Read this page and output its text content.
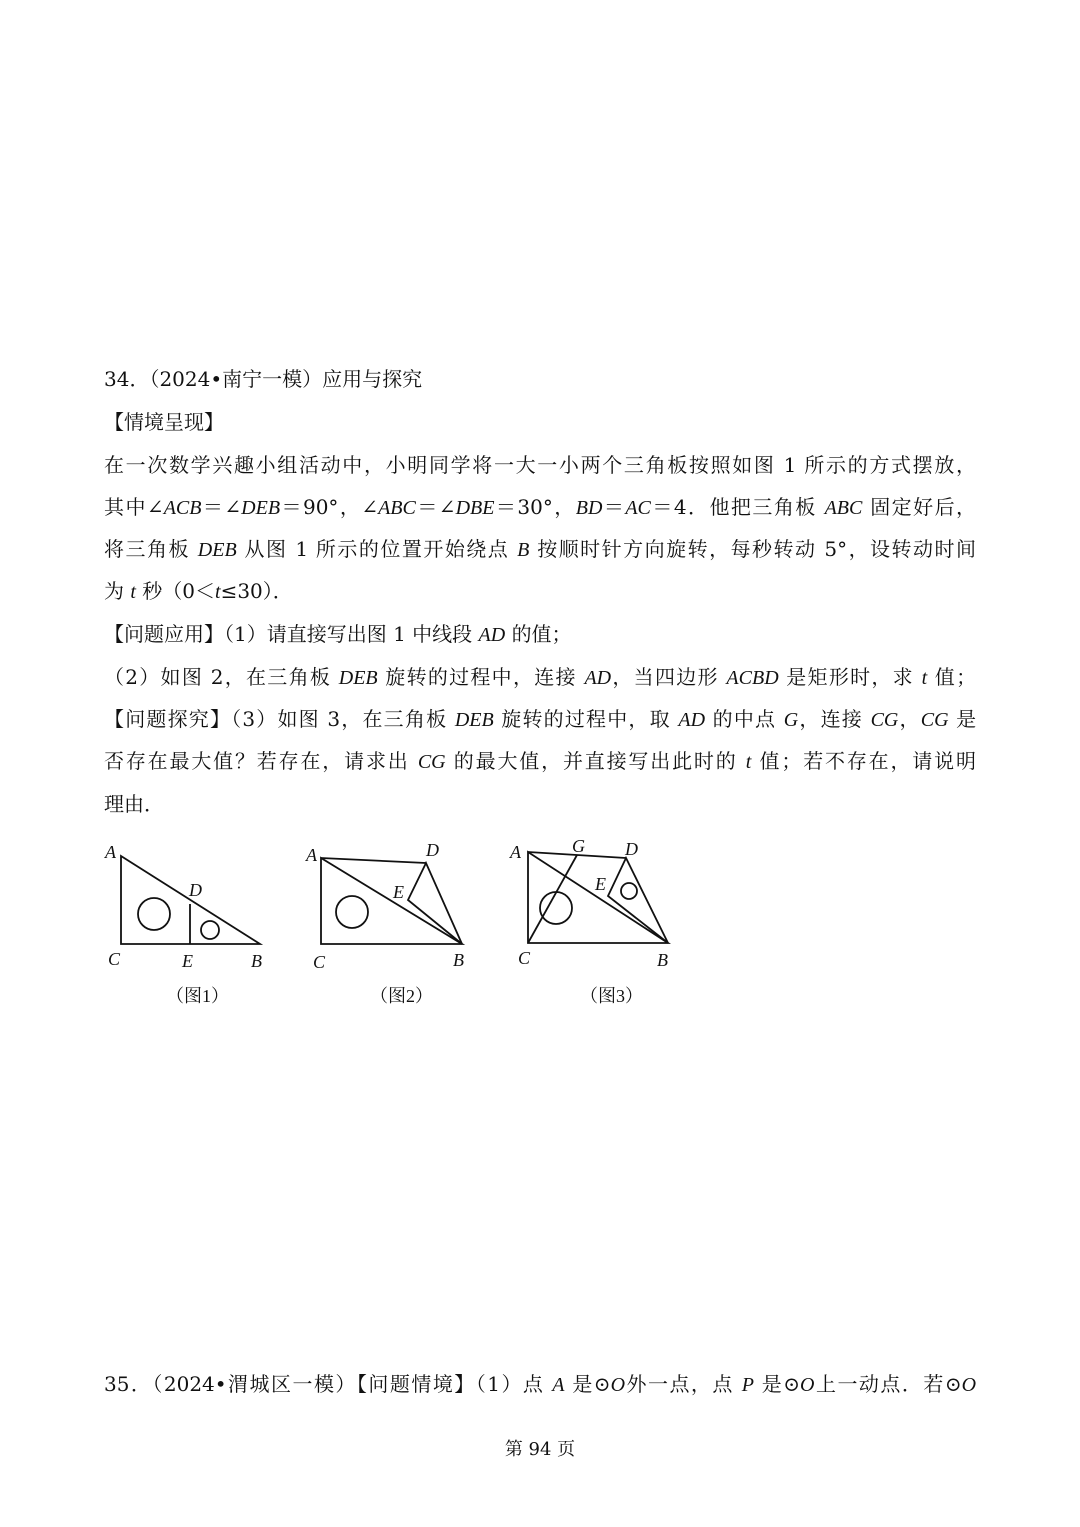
34．（2024•南宁一模）应用与探究
【情境呈现】
在一次数学兴趣小组活动中，小明同学将一大一小两个三角板按照如图 1 所示的方式摆放，
其中∠ACB＝∠DEB＝90°，∠ABC＝∠DBE＝30°，BD＝AC＝4．他把三角板 ABC 固定好后，
将三角板 DEB 从图 1 所示的位置开始绕点 B 按顺时针方向旋转，每秒转动 5°，设转动时间
为 t 秒（0＜t≤30）．
【问题应用】（1）请直接写出图 1 中线段 AD 的值；
（2）如图 2，在三角板 DEB 旋转的过程中，连接 AD，当四边形 ACBD 是矩形时，求 t 值；
【问题探究】（3）如图 3，在三角板 DEB 旋转的过程中，取 AD 的中点 G，连接 CG，CG 是
否存在最大值？若存在，请求出 CG 的最大值，并直接写出此时的 t 值；若不存在，请说明
理由．
A
D
C	E	B
（图1）
A	D
E
C	B
（图2）
A	G D
E
C	B
（图3）
35．（2024•渭城区一模）【问题情境】（1）点 A 是⊙O外一点，点 P 是⊙O上一动点．若⊙O
第 94 页
